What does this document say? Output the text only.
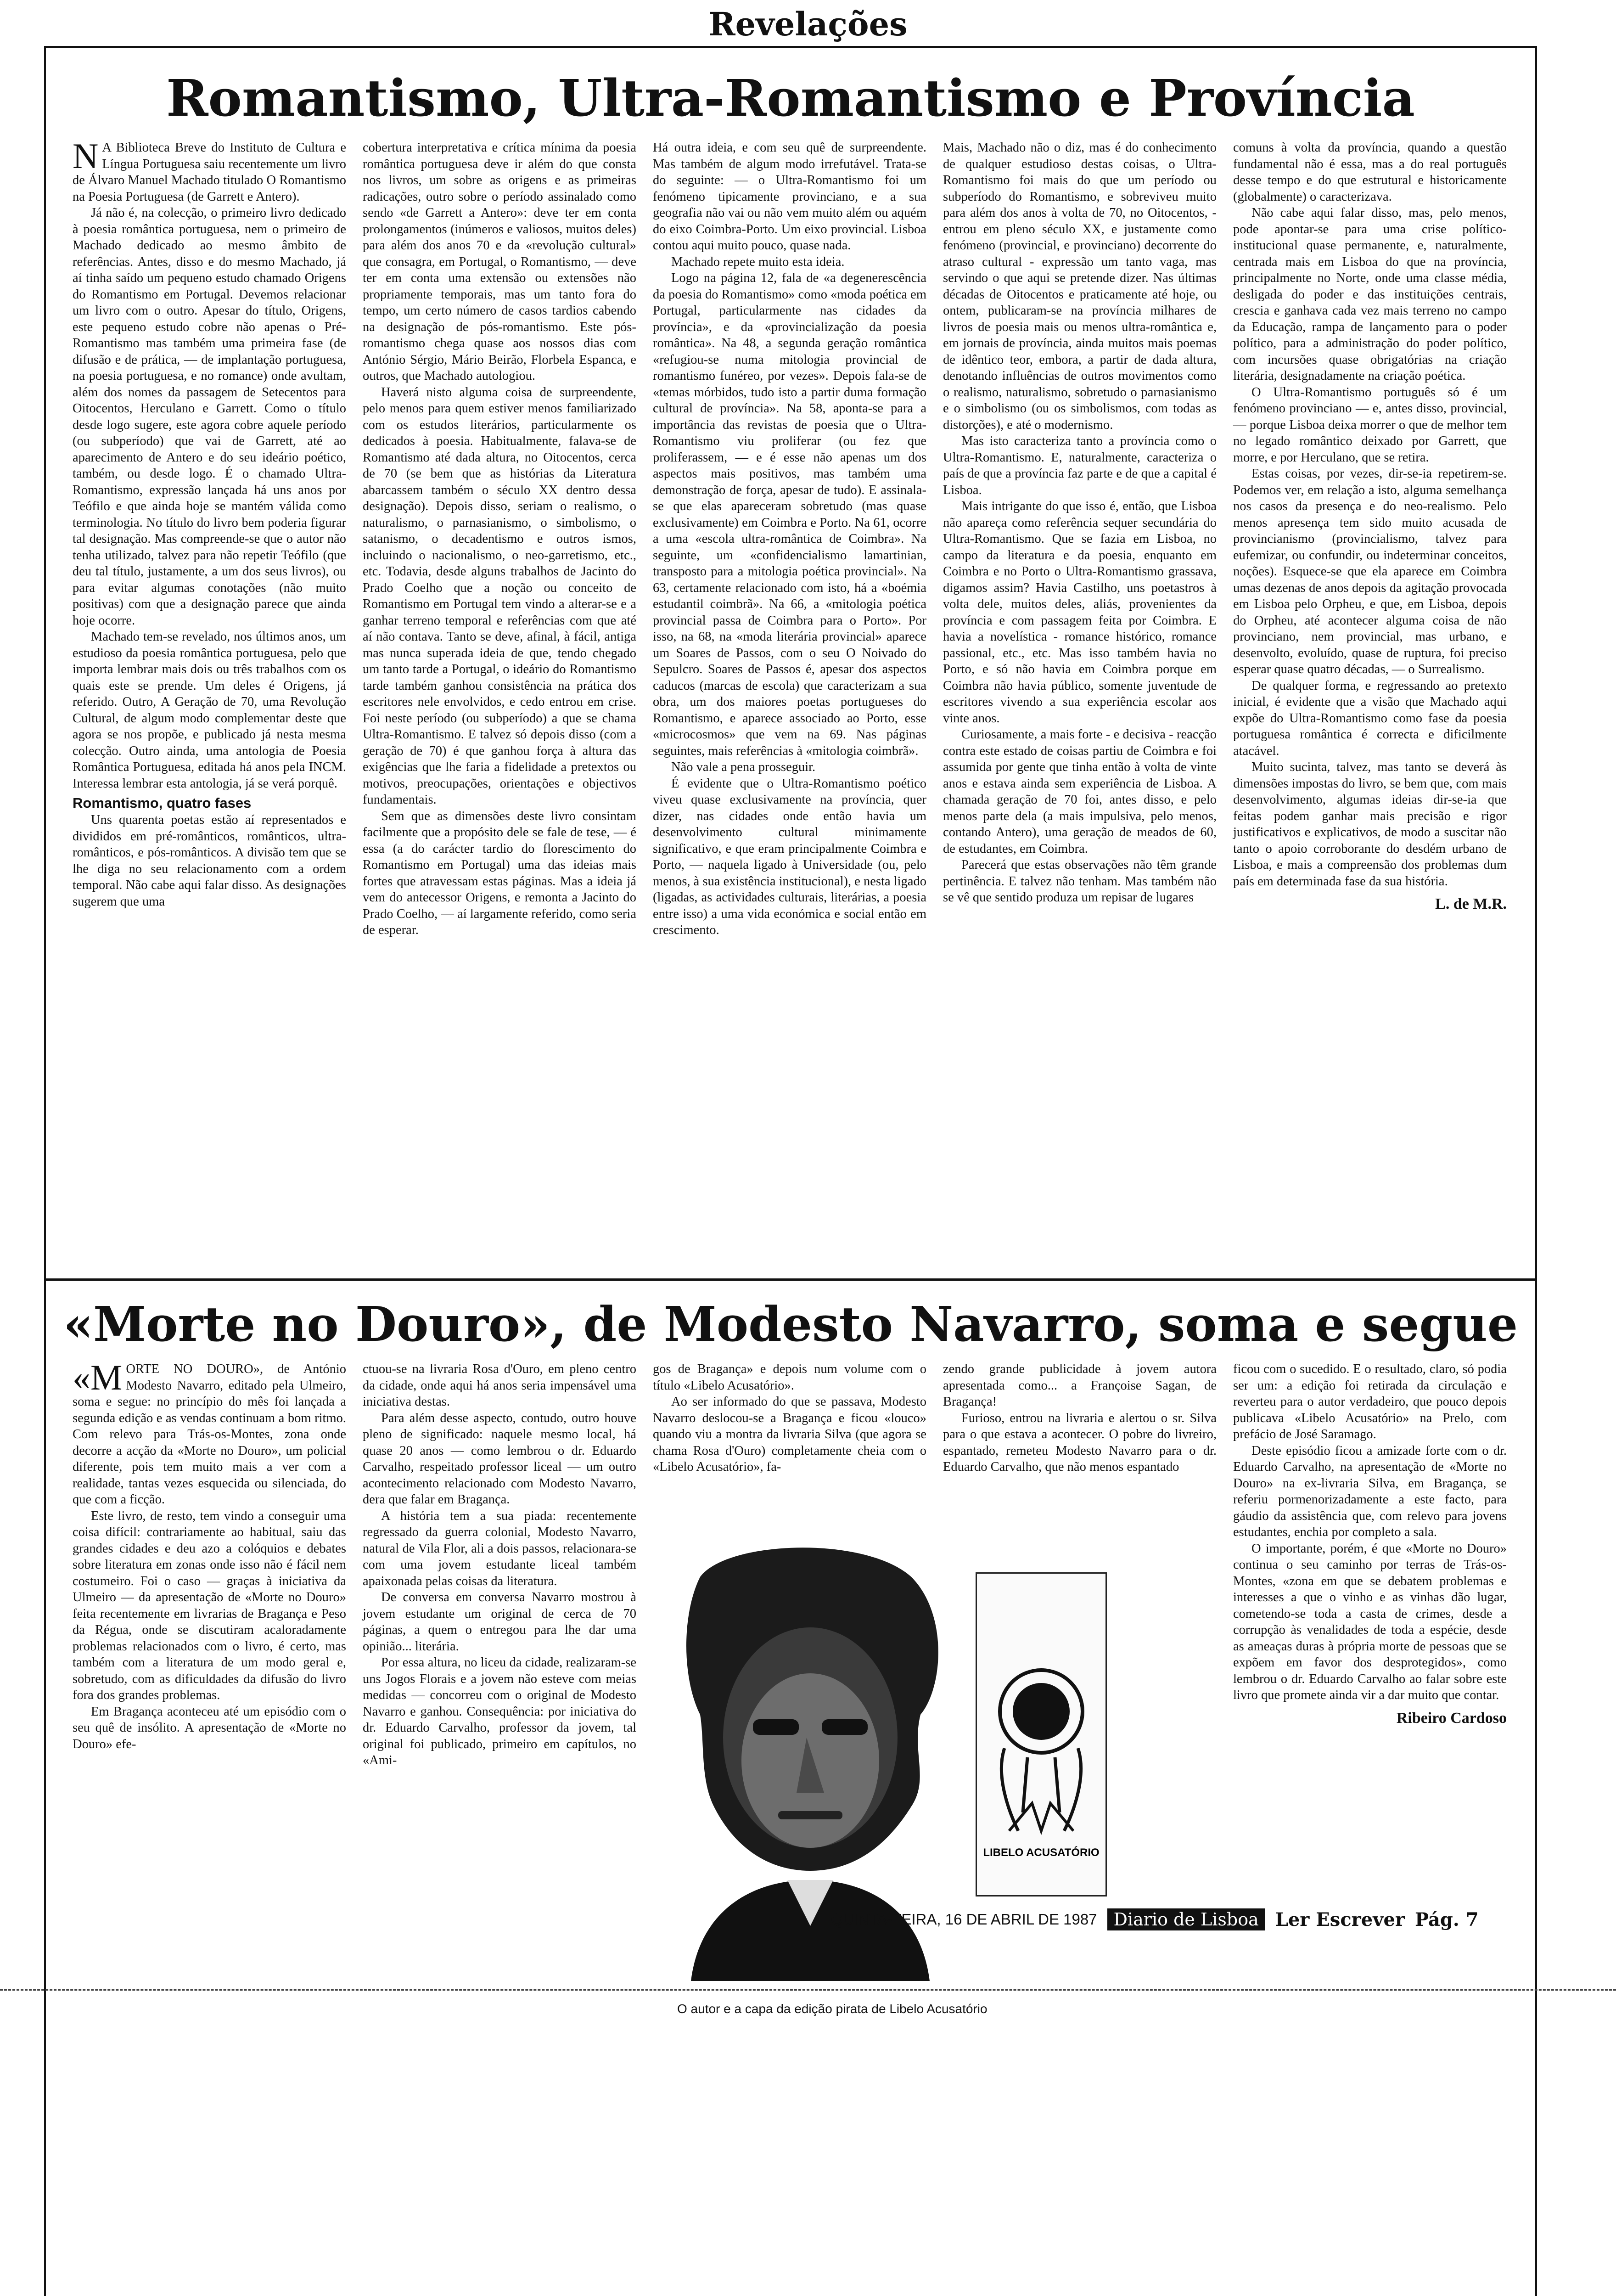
Revelações
Romantismo, Ultra-Romantismo e Província
N A Biblioteca Breve do Instituto de Cultura e Língua Portuguesa saiu recentemente um livro de Álvaro Manuel Machado titulado O Romantismo na Poesia Portuguesa (de Garrett e Antero).

Já não é, na colecção, o primeiro livro dedicado à poesia romântica portuguesa, nem o primeiro de Machado dedicado ao mesmo âmbito de referências. Antes, disso e do mesmo Machado, já aí tinha saído um pequeno estudo chamado Origens do Romantismo em Portugal. Devemos relacionar um livro com o outro. Apesar do título, Origens, este pequeno estudo cobre não apenas o Pré-Romantismo mas também uma primeira fase (de difusão e de prática, — de implantação portuguesa, na poesia portuguesa, e no romance) onde avultam, além dos nomes da passagem de Setecentos para Oitocentos, Herculano e Garrett. Como o título desde logo sugere, este agora cobre aquele período (ou subperíodo) que vai de Garrett, até ao aparecimento de Antero e do seu ideário poético, também, ou desde logo. É o chamado Ultra-Romantismo, expressão lançada há uns anos por Teófilo e que ainda hoje se mantém válida como terminologia. No título do livro bem poderia figurar tal designação. Mas compreende-se que o autor não tenha utilizado, talvez para não repetir Teófilo (que deu tal título, justamente, a um dos seus livros), ou para evitar algumas conotações (não muito positivas) com que a designação parece que ainda hoje ocorre.

Machado tem-se revelado, nos últimos anos, um estudioso da poesia romântica portuguesa, pelo que importa lembrar mais dois ou três trabalhos com os quais este se prende. Um deles é Origens, já referido. Outro, A Geração de 70, uma Revolução Cultural, de algum modo complementar deste que agora se nos propõe, e publicado já nesta mesma colecção. Outro ainda, uma antologia de Poesia Romântica Portuguesa, editada há anos pela INCM. Interessa lembrar esta antologia, já se verá porquê.

Romantismo, quatro fases

Uns quarenta poetas estão aí representados e divididos em pré-românticos, românticos, ultra-românticos, e pós-românticos. A divisão tem que se lhe diga no seu relacionamento com a ordem temporal. Não cabe aqui falar disso. As designações sugerem que uma

cobertura interpretativa e crítica mínima da poesia romântica portuguesa deve ir além do que consta nos livros, um sobre as origens e as primeiras radicações, outro sobre o período assinalado como sendo «de Garrett a Antero»: deve ter em conta prolongamentos (inúmeros e valiosos, muitos deles) para além dos anos 70 e da «revolução cultural» que consagra, em Portugal, o Romantismo, — deve ter em conta uma extensão ou extensões não propriamente temporais, mas um tanto fora do tempo, um certo número de casos tardios cabendo na designação de pós-romantismo. Este pós-romantismo chega quase aos nossos dias com António Sérgio, Mário Beirão, Florbela Espanca, e outros, que Machado autologiou.

Haverá nisto alguma coisa de surpreendente, pelo menos para quem estiver menos familiarizado com os estudos literários, particularmente os dedicados à poesia. Habitualmente, falava-se de Romantismo até dada altura, no Oitocentos, cerca de 70 (se bem que as histórias da Literatura abarcassem também o século XX dentro dessa designação). Depois disso, seriam o realismo, o naturalismo, o parnasianismo, o simbolismo, o satanismo, o decadentismo e outros ismos, incluindo o nacionalismo, o neo-garretismo, etc., etc. Todavia, desde alguns trabalhos de Jacinto do Prado Coelho que a noção ou conceito de Romantismo em Portugal tem vindo a alterar-se e a ganhar terreno temporal e referências com que até aí não contava. Tanto se deve, afinal, à fácil, antiga mas nunca superada ideia de que, tendo chegado um tanto tarde a Portugal, o ideário do Romantismo tarde também ganhou consistência na prática dos escritores nele envolvidos, e cedo entrou em crise. Foi neste período (ou subperíodo) a que se chama Ultra-Romantismo. E talvez só depois disso (com a geração de 70) é que ganhou força à altura das exigências que lhe faria a fidelidade a pretextos ou motivos, preocupações, orientações e objectivos fundamentais.

Sem que as dimensões deste livro consintam facilmente que a propósito dele se fale de tese, — é essa (a do carácter tardio do florescimento do Romantismo em Portugal) uma das ideias mais fortes que atravessam estas páginas. Mas a ideia já vem do antecessor Origens, e remonta a Jacinto do Prado Coelho, — aí largamente referido, como seria de esperar.

Há outra ideia, e com seu quê de surpreendente. Mas também de algum modo irrefutável. Trata-se do seguinte: — o Ultra-Romantismo foi um fenómeno tipicamente provinciano, e a sua geografia não vai ou não vem muito além ou aquém do eixo Coimbra-Porto. Um eixo provincial. Lisboa contou aqui muito pouco, quase nada.

Machado repete muito esta ideia.

Logo na página 12, fala de «a degenerescência da poesia do Romantismo» como «moda poética em Portugal, particularmente nas cidades da província», e da «provincialização da poesia romântica». Na 48, a segunda geração romântica «refugiou-se numa mitologia provincial de romantismo funéreo, por vezes». Depois fala-se de «temas mórbidos, tudo isto a partir duma formação cultural de província». Na 58, aponta-se para a importância das revistas de poesia que o Ultra-Romantismo viu proliferar (ou fez que proliferassem, — e é esse não apenas um dos aspectos mais positivos, mas também uma demonstração de força, apesar de tudo). E assinala-se que elas apareceram sobretudo (mas quase exclusivamente) em Coimbra e Porto. Na 61, ocorre a uma «escola ultra-romântica de Coimbra». Na seguinte, um «confidencialismo lamartinian, transposto para a mitologia poética provincial». Na 63, certamente relacionado com isto, há a «boémia estudantil coimbrã». Na 66, a «mitologia poética provincial passa de Coimbra para o Porto». Por isso, na 68, na «moda literária provincial» aparece um Soares de Passos, com o seu O Noivado do Sepulcro. Soares de Passos é, apesar dos aspectos caducos (marcas de escola) que caracterizam a sua obra, um dos maiores poetas portugueses do Romantismo, e aparece associado ao Porto, esse «microcosmos» que vem na 69. Nas páginas seguintes, mais referências à «mitologia coimbrã».

Não vale a pena prosseguir.

É evidente que o Ultra-Romantismo poético viveu quase exclusivamente na província, quer dizer, nas cidades onde então havia um desenvolvimento cultural minimamente significativo, e que eram principalmente Coimbra e Porto, — naquela ligado à Universidade (ou, pelo menos, à sua existência institucional), e nesta ligado (ligadas, as actividades culturais, literárias, a poesia entre isso) a uma vida económica e social então em crescimento.

Mais, Machado não o diz, mas é do conhecimento de qualquer estudioso destas coisas, o Ultra-Romantismo foi mais do que um período ou subperíodo do Romantismo, e sobreviveu muito para além dos anos à volta de 70, no Oitocentos, - entrou em pleno século XX, e justamente como fenómeno (provincial, e provinciano) decorrente do atraso cultural - expressão um tanto vaga, mas servindo o que aqui se pretende dizer. Nas últimas décadas de Oitocentos e praticamente até hoje, ou ontem, publicaram-se na província milhares de livros de poesia mais ou menos ultra-romântica e, em jornais de província, ainda muitos mais poemas de idêntico teor, embora, a partir de dada altura, denotando influências de outros movimentos como o realismo, naturalismo, sobretudo o parnasianismo e o simbolismo (ou os simbolismos, com todas as distorções), e até o modernismo.

Mas isto caracteriza tanto a província como o Ultra-Romantismo. E, naturalmente, caracteriza o país de que a província faz parte e de que a capital é Lisboa.

Mais intrigante do que isso é, então, que Lisboa não apareça como referência sequer secundária do Ultra-Romantismo. Que se fazia em Lisboa, no campo da literatura e da poesia, enquanto em Coimbra e no Porto o Ultra-Romantismo grassava, digamos assim? Havia Castilho, uns poetastros à volta dele, muitos deles, aliás, provenientes da província e com passagem feita por Coimbra. E havia a novelística - romance histórico, romance passional, etc., etc. Mas isso também havia no Porto, e só não havia em Coimbra porque em Coimbra não havia público, somente juventude de escritores vivendo a sua experiência escolar aos vinte anos.

Curiosamente, a mais forte - e decisiva - reacção contra este estado de coisas partiu de Coimbra e foi assumida por gente que tinha então à volta de vinte anos e estava ainda sem experiência de Lisboa. A chamada geração de 70 foi, antes disso, e pelo menos parte dela (a mais impulsiva, pelo menos, contando Antero), uma geração de meados de 60, de estudantes, em Coimbra.

Parecerá que estas observações não têm grande pertinência. E talvez não tenham. Mas também não se vê que sentido produza um repisar de lugares

comuns à volta da província, quando a questão fundamental não é essa, mas a do real português desse tempo e do que estrutural e historicamente (globalmente) o caracterizava.

Não cabe aqui falar disso, mas, pelo menos, pode apontar-se para uma crise político-institucional quase permanente, e, naturalmente, centrada mais em Lisboa do que na província, principalmente no Norte, onde uma classe média, desligada do poder e das instituições centrais, crescia e ganhava cada vez mais terreno no campo da Educação, rampa de lançamento para o poder político, para a administração do poder político, com incursões quase obrigatórias na criação literária, designadamente na criação poética.

O Ultra-Romantismo português só é um fenómeno provinciano — e, antes disso, provincial, — porque Lisboa deixa morrer o que de melhor tem no legado romântico deixado por Garrett, que morre, e por Herculano, que se retira.

Estas coisas, por vezes, dir-se-ia repetirem-se. Podemos ver, em relação a isto, alguma semelhança nos casos da presença e do neo-realismo. Pelo menos apresença tem sido muito acusada de provincianismo (provincialismo, talvez para eufemizar, ou confundir, ou indeterminar conceitos, noções). Esquece-se que ela aparece em Coimbra umas dezenas de anos depois da agitação provocada em Lisboa pelo Orpheu, e que, em Lisboa, depois do Orpheu, até acontecer alguma coisa de não provinciano, nem provincial, mas urbano, e desenvolto, evoluído, quase de ruptura, foi preciso esperar quase quatro décadas, — o Surrealismo.

De qualquer forma, e regressando ao pretexto inicial, é evidente que a visão que Machado aqui expõe do Ultra-Romantismo como fase da poesia portuguesa romântica é correcta e dificilmente atacável.

Muito sucinta, talvez, mas tanto se deverá às dimensões impostas do livro, se bem que, com mais desenvolvimento, algumas ideias dir-se-ia que feitas podem ganhar mais precisão e rigor justificativos e explicativos, de modo a suscitar não tanto o apoio corroborante do desdém urbano de Lisboa, e mais a compreensão dos problemas dum país em determinada fase da sua história.

L. de M.R.
«Morte no Douro», de Modesto Navarro, soma e segue
«MORTE NO DOURO», de António Modesto Navarro, editado pela Ulmeiro, soma e segue: no princípio do mês foi lançada a segunda edição e as vendas continuam a bom ritmo. Com relevo para Trás-os-Montes, zona onde decorre a acção da «Morte no Douro», um policial diferente, pois tem muito mais a ver com a realidade, tantas vezes esquecida ou silenciada, do que com a ficção.

Este livro, de resto, tem vindo a conseguir uma coisa difícil: contrariamente ao habitual, saiu das grandes cidades e deu azo a colóquios e debates sobre literatura em zonas onde isso não é fácil nem costumeiro. Foi o caso — graças à iniciativa da Ulmeiro — da apresentação de «Morte no Douro» feita recentemente em livrarias de Bragança e Peso da Régua, onde se discutiram acaloradamente problemas relacionados com o livro, é certo, mas também com a literatura de um modo geral e, sobretudo, com as dificuldades da difusão do livro fora dos grandes problemas.

Em Bragança aconteceu até um episódio com o seu quê de insólito. A apresentação de «Morte no Douro» efe-

ctuou-se na livraria Rosa d'Ouro, em pleno centro da cidade, onde aqui há anos seria impensável uma iniciativa destas.

Para além desse aspecto, contudo, outro houve pleno de significado: naquele mesmo local, há quase 20 anos — como lembrou o dr. Eduardo Carvalho, respeitado professor liceal — um outro acontecimento relacionado com Modesto Navarro, dera que falar em Bragança.

A história tem a sua piada: recentemente regressado da guerra colonial, Modesto Navarro, natural de Vila Flor, ali a dois passos, relacionara-se com uma jovem estudante liceal também apaixonada pelas coisas da literatura.

De conversa em conversa Navarro mostrou à jovem estudante um original de cerca de 70 páginas, a quem o entregou para lhe dar uma opinião... literária.

Por essa altura, no liceu da cidade, realizaram-se uns Jogos Florais e a jovem não esteve com meias medidas — concorreu com o original de Modesto Navarro e ganhou. Consequência: por iniciativa do dr. Eduardo Carvalho, professor da jovem, tal original foi publicado, primeiro em capítulos, no «Ami-

gos de Bragança» e depois num volume com o título «Libelo Acusatório».

Ao ser informado do que se passava, Modesto Navarro deslocou-se a Bragança e ficou «louco» quando viu a montra da livraria Silva (que agora se chama Rosa d'Ouro) completamente cheia com o «Libelo Acusatório», fa-

zendo grande publicidade à jovem autora apresentada como... a Françoise Sagan, de Bragança!

Furioso, entrou na livraria e alertou o sr. Silva para o que estava a acontecer. O pobre do livreiro, espantado, remeteu Modesto Navarro para o dr. Eduardo Carvalho, que não menos espantado

ficou com o sucedido. E o resultado, claro, só podia ser um: a edição foi retirada da circulação e reverteu para o autor verdadeiro, que pouco depois publicava «Libelo Acusatório» na Prelo, com prefácio de José Saramago.

Deste episódio ficou a amizade forte com o dr. Eduardo Carvalho, na apresentação de «Morte no Douro» na ex-livraria Silva, em Bragança, se referiu pormenorizadamente a este facto, para gáudio da assistência que, com relevo para jovens estudantes, enchia por completo a sala.

O importante, porém, é que «Morte no Douro» continua o seu caminho por terras de Trás-os-Montes, «zona em que se debatem problemas e interesses a que o vinho e as vinhas dão lugar, cometendo-se toda a casta de crimes, desde a corrupção às venalidades de toda a espécie, desde as ameaças duras à própria morte de pessoas que se expõem em favor dos desprotegidos», como lembrou o dr. Eduardo Carvalho ao falar sobre este livro que promete ainda vir a dar muito que contar.

Ribeiro Cardoso
LIBELO ACUSATÓRIO
O autor e a capa da edição pirata de Libelo Acusatório
QUINTA-FEIRA, 16 DE ABRIL DE 1987 Diario de Lisboa Ler Escrever Pág. 7
